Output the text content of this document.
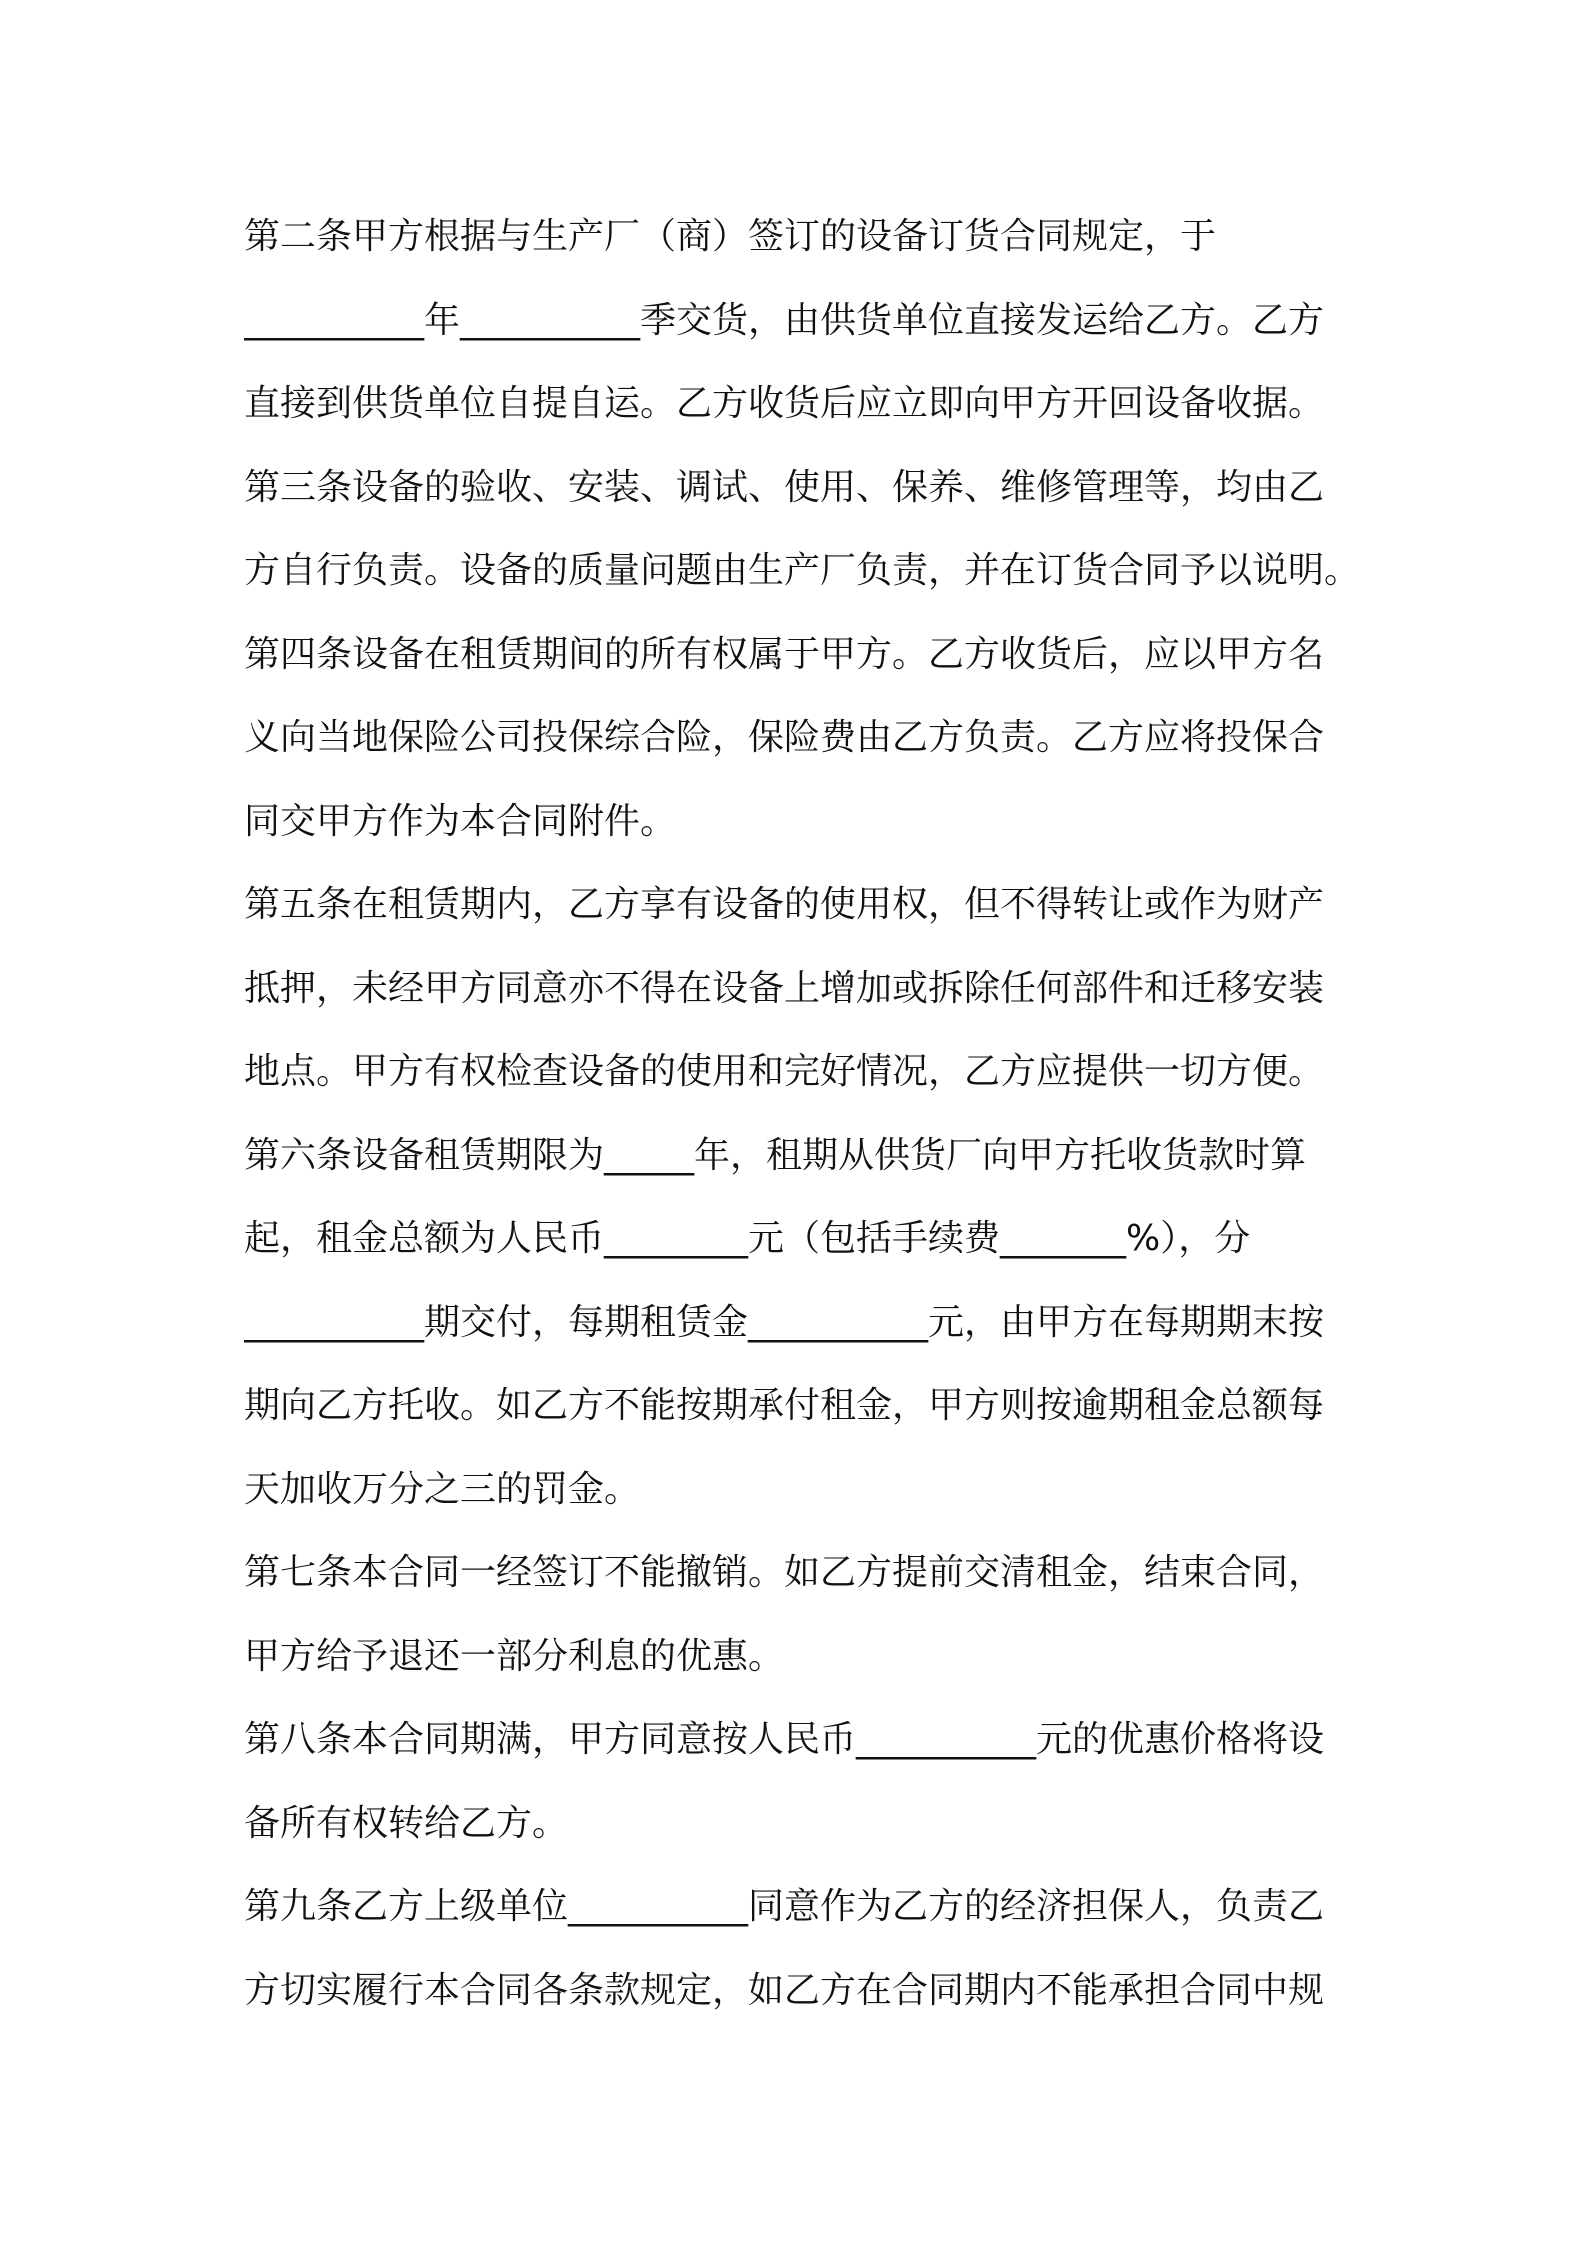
第二条甲方根据与生产厂（商）签订的设备订货合同规定，于
__________年__________季交货，由供货单位直接发运给乙方。乙方
直接到供货单位自提自运。乙方收货后应立即向甲方开回设备收据。
第三条设备的验收、安装、调试、使用、保养、维修管理等，均由乙
方自行负责。设备的质量问题由生产厂负责，并在订货合同予以说明。
第四条设备在租赁期间的所有权属于甲方。乙方收货后，应以甲方名
义向当地保险公司投保综合险，保险费由乙方负责。乙方应将投保合
同交甲方作为本合同附件。
第五条在租赁期内，乙方享有设备的使用权，但不得转让或作为财产
抵押，未经甲方同意亦不得在设备上增加或拆除任何部件和迁移安装
地点。甲方有权检查设备的使用和完好情况，乙方应提供一切方便。
第六条设备租赁期限为_____年，租期从供货厂向甲方托收货款时算
起，租金总额为人民币________元（包括手续费_______%），分
__________期交付，每期租赁金__________元，由甲方在每期期末按
期向乙方托收。如乙方不能按期承付租金，甲方则按逾期租金总额每
天加收万分之三的罚金。
第七条本合同一经签订不能撤销。如乙方提前交清租金，结束合同，
甲方给予退还一部分利息的优惠。
第八条本合同期满，甲方同意按人民币__________元的优惠价格将设
备所有权转给乙方。
第九条乙方上级单位__________同意作为乙方的经济担保人，负责乙
方切实履行本合同各条款规定，如乙方在合同期内不能承担合同中规
